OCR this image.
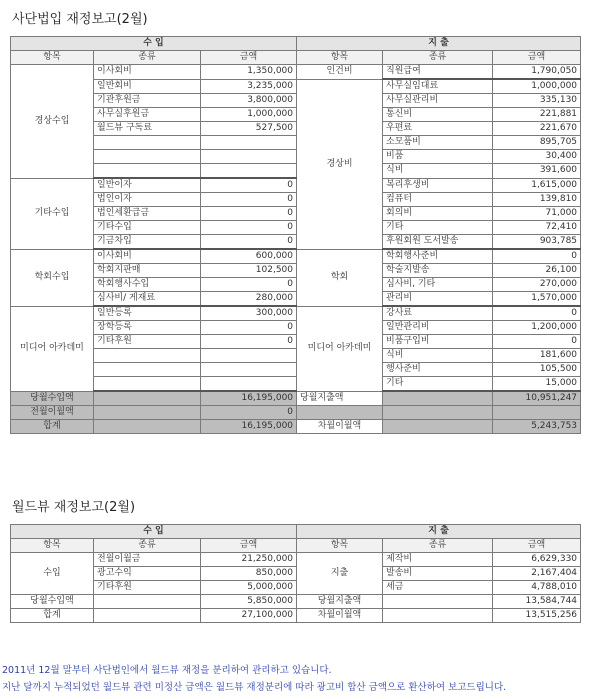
사단법입 재정보고(2월)
수 입			지 출		
항목	종류	금액	항목	종류	금액
경상수입	이사회비	1,350,000	인건비	직원급여	1,790,050
	일반회비	3,235,000	경상비	사무실임대료	1,000,000
	기관후원금	3,800,000		사무실관리비	335,130
	사무실후원금	1,000,000		통신비	221,881
	월드뷰 구독료	527,500		우편료	221,670
				소모품비	895,705
				비품	30,400
				식비	391,600
기타수입	일반이자	0		복리후생비	1,615,000
	법인이자	0		컴퓨터	139,810
	법인세환급금	0		회의비	71,000
	기타수입	0		기타	72,410
	기금차입	0		후원회원 도서발송	903,785
학회수입	이사회비	600,000	학회	학회행사준비	0
	학회지판매	102,500		학술지발송	26,100
	학회행사수입	0		심사비, 기타	270,000
	심사비/ 게재료	280,000		관리비	1,570,000
미디어 아카데미	일반등록	300,000	미디어 아카데미	강사료	0
	장학등록	0		일반관리비	1,200,000
	기타후원	0		비품구입비	0
				식비	181,600
				행사준비	105,500
				기타	15,000
당월수입액		16,195,000	당월지출액		10,951,247
전월이월액		0			
합계		16,195,000	차월이월액		5,243,753
월드뷰 재정보고(2월)
수 입			지 출		
항목	종류	금액	항목	종류	금액
수입	전월이월금	21,250,000	지출	제작비	6,629,330
	광고수익	850,000		발송비	2,167,404
	기타후원	5,000,000		세금	4,788,010
당월수입액		5,850,000	당월지출액		13,584,744
합계		27,100,000	차월이월액		13,515,256
2011년 12월 말부터 사단법인에서 월드뷰 재정을 분리하여 관리하고 있습니다.
지난 달까지 누적되었던 월드뷰 관련 미정산 금액은 월드뷰 재정분리에 따라 광고비 합산 금액으로 환산하여 보고드립니다.
